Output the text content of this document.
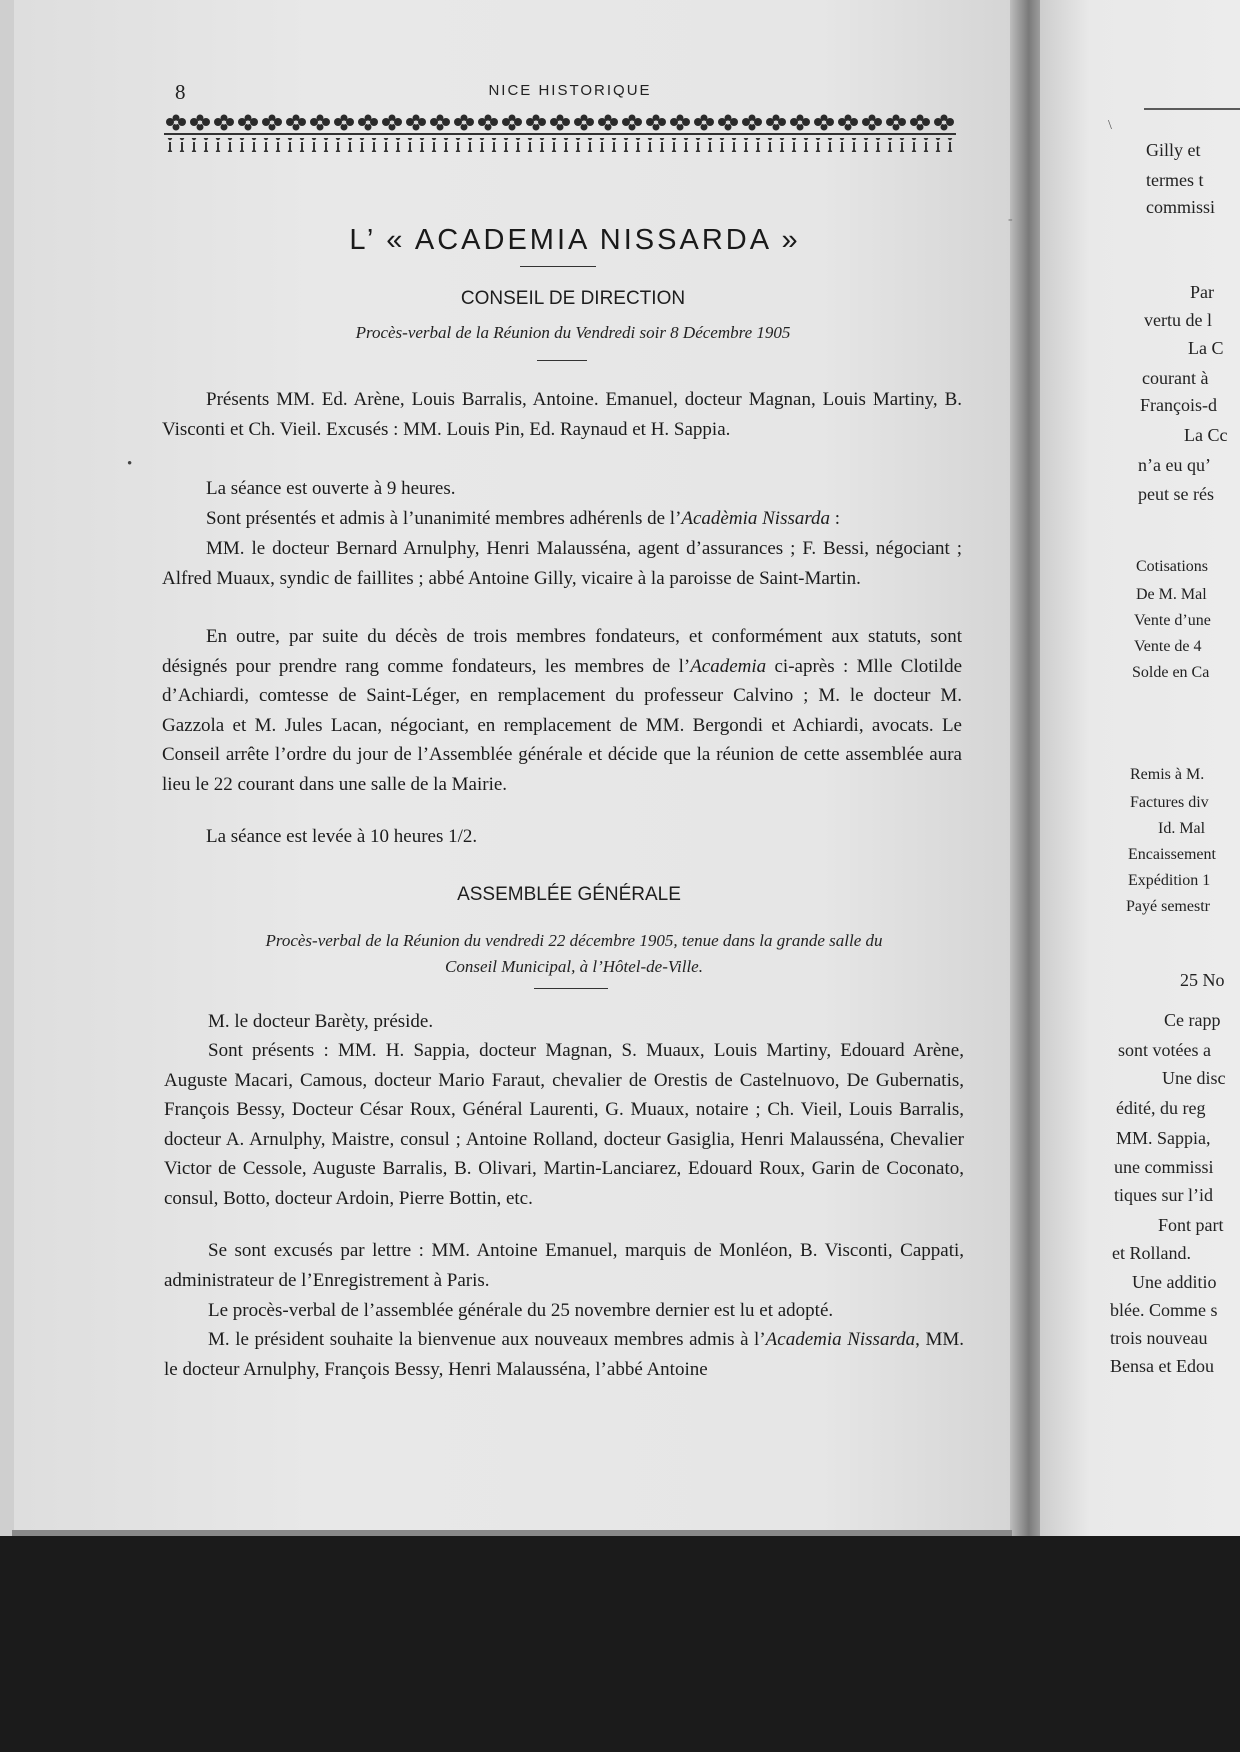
8	NICE HISTORIQUE
L’ « ACADEMIA NISSARDA »
CONSEIL DE DIRECTION
Procès-verbal de la Réunion du Vendredi soir 8 Décembre 1905
Présents MM. Ed. Arène, Louis Barralis, Antoine. Emanuel, docteur Magnan, Louis Martiny, B. Visconti et Ch. Vieil. Excusés : MM. Louis Pin, Ed. Raynaud et H. Sappia.
•
La séance est ouverte à 9 heures.
Sont présentés et admis à l’unanimité membres adhérenls de l’Acadèmia Nissarda :
MM. le docteur Bernard Arnulphy, Henri Malausséna, agent d’assurances ; F. Bessi, négociant ; Alfred Muaux, syndic de faillites ; abbé Antoine Gilly, vicaire à la paroisse de Saint-Martin.
En outre, par suite du décès de trois membres fondateurs, et conformément aux statuts, sont désignés pour prendre rang comme fondateurs, les membres de l’Academia ci-après : Mlle Clotilde d’Achiardi, comtesse de Saint-Léger, en remplacement du professeur Calvino ; M. le docteur M. Gazzola et M. Jules Lacan, négociant, en remplacement de MM. Bergondi et Achiardi, avocats. Le Conseil arrête l’ordre du jour de l’Assemblée générale et décide que la réunion de cette assemblée aura lieu le 22 courant dans une salle de la Mairie.
La séance est levée à 10 heures 1/2.
ASSEMBLÉE GÉNÉRALE
Procès-verbal de la Réunion du vendredi 22 décembre 1905, tenue dans la grande salle du
Conseil Municipal, à l’Hôtel-de-Ville.
M. le docteur Barèty, préside.
Sont présents : MM. H. Sappia, docteur Magnan, S. Muaux, Louis Martiny, Edouard Arène, Auguste Macari, Camous, docteur Mario Faraut, chevalier de Orestis de Castelnuovo, De Gubernatis, François Bessy, Docteur César Roux, Général Laurenti, G. Muaux, notaire ; Ch. Vieil, Louis Barralis, docteur A. Arnulphy, Maistre, consul ; Antoine Rolland, docteur Gasiglia, Henri Malausséna, Chevalier Victor de Cessole, Auguste Barralis, B. Olivari, Martin-Lanciarez, Edouard Roux, Garin de Coconato, consul, Botto, docteur Ardoin, Pierre Bottin, etc.
Se sont excusés par lettre : MM. Antoine Emanuel, marquis de Monléon, B. Visconti, Cappati, administrateur de l’Enregistrement à Paris.
Le procès-verbal de l’assemblée générale du 25 novembre dernier est lu et adopté.
M. le président souhaite la bienvenue aux nouveaux membres admis à l’Academia Nissarda, MM. le docteur Arnulphy, François Bessy, Henri Malausséna, l’abbé Antoine
\
-
Gilly et
termes t
commissi
Par
vertu de l
La C
courant à
François-d
La Cc
n’a eu qu’
peut se rés
Cotisations
De M. Mal
Vente d’une
Vente de 4
Solde en Ca
Remis à M.
Factures div
Id. Mal
Encaissement
Expédition 1
Payé semestr
25 No
Ce rapp
sont votées a
Une disc
édité, du reg
MM. Sappia,
une commissi
tiques sur l’id
Font part
et Rolland.
Une additio
blée. Comme s
trois nouveau
Bensa et Edou
